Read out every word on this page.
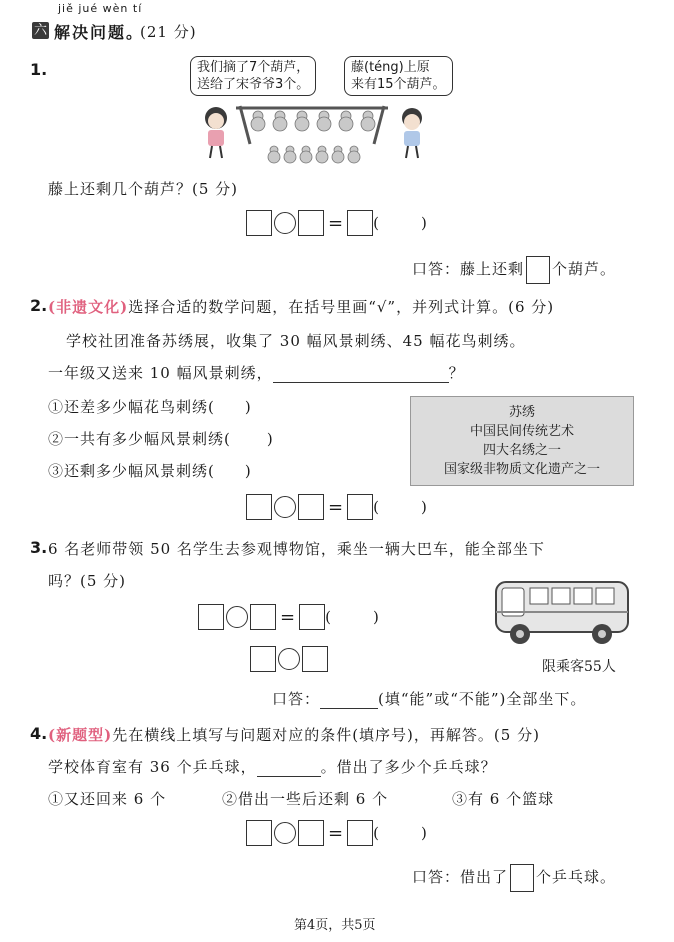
jiě jué wèn tí
六 解决问题。
(21 分)
1.	我们摘了7个葫芦，
送给了宋爷爷3个。
藤(téng)上原
来有15个葫芦。
藤上还剩几个葫芦？(5 分)
= (	)
口答：藤上还剩 个葫芦。
2. (非遗文化)选择合适的数学问题，在括号里画“√”，并列式计算。(6 分)
学校社团准备苏绣展，收集了 30 幅风景刺绣、45 幅花鸟刺绣。
一年级又送来 10 幅风景刺绣，	？
①还差多少幅花鸟刺绣( )
②一共有多少幅风景刺绣( )
③还剩多少幅风景刺绣( )
苏绣
中国民间传统艺术
四大名绣之一
国家级非物质文化遗产之一
= (	)
3. 6 名老师带领 50 名学生去参观博物馆，乘坐一辆大巴车，能全部坐下
吗？(5 分)
= (	)
限乘客55人
口答：	(填“能”或“不能”)全部坐下。
4. (新题型)先在横线上填写与问题对应的条件(填序号)，再解答。(5 分)
学校体育室有 36 个乒乓球，	。借出了多少个乒乓球？
①又还回来 6 个	②借出一些后还剩 6 个	③有 6 个篮球
= (	)
口答：借出了 个乒乓球。
第4页，共5页
